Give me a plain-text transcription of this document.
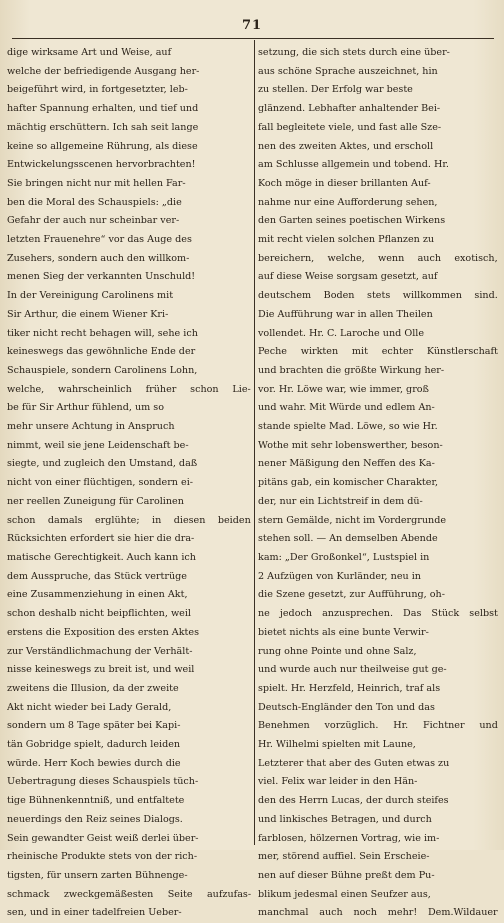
71
dige wirksame Art und Weise, auf
welche der befriedigende Ausgang her-
beigeführt wird, in fortgesetzter, leb-
hafter Spannung erhalten, und tief und
mächtig erschüttern. Ich sah seit lange
keine so allgemeine Rührung, als diese
Entwickelungsscenen hervorbrachten!
Sie bringen nicht nur mit hellen Far-
ben die Moral des Schauspiels: „die
Gefahr der auch nur scheinbar ver-
letzten Frauenehre“ vor das Auge des
Zusehers, sondern auch den willkom-
menen Sieg der verkannten Unschuld!
In der Vereinigung Carolinens mit
Sir Arthur, die einem Wiener Kri-
tiker nicht recht behagen will, sehe ich
keineswegs das gewöhnliche Ende der
Schauspiele, sondern Carolinens Lohn,
welche, wahrscheinlich früher schon Lie-
be für Sir Arthur fühlend, um so
mehr unsere Achtung in Anspruch
nimmt, weil sie jene Leidenschaft be-
siegte, und zugleich den Umstand, daß
nicht von einer flüchtigen, sondern ei-
ner reellen Zuneigung für Carolinen
schon damals erglühte; in diesen beiden
Rücksichten erfordert sie hier die dra-
matische Gerechtigkeit. Auch kann ich
dem Ausspruche, das Stück vertrüge
eine Zusammenziehung in einen Akt,
schon deshalb nicht beipflichten, weil
erstens die Exposition des ersten Aktes
zur Verständlichmachung der Verhält-
nisse keineswegs zu breit ist, und weil
zweitens die Illusion, da der zweite
Akt nicht wieder bei Lady Gerald,
sondern um 8 Tage später bei Kapi-
tän Gobridge spielt, dadurch leiden
würde. Herr Koch bewies durch die
Uebertragung dieses Schauspiels tüch-
tige Bühnenkenntniß, und entfaltete
neuerdings den Reiz seines Dialogs.
Sein gewandter Geist weiß derlei über-
rheinische Produkte stets von der rich-
tigsten, für unsern zarten Bühnenge-
schmack zweckgemäßesten Seite aufzufas-
sen, und in einer tadelfreien Ueber-
setzung, die sich stets durch eine über-
aus schöne Sprache auszeichnet, hin
zu stellen. Der Erfolg war beste
glänzend. Lebhafter anhaltender Bei-
fall begleitete viele, und fast alle Sze-
nen des zweiten Aktes, und erscholl
am Schlusse allgemein und tobend. Hr.
Koch möge in dieser brillanten Auf-
nahme nur eine Aufforderung sehen,
den Garten seines poetischen Wirkens
mit recht vielen solchen Pflanzen zu
bereichern, welche, wenn auch exotisch,
auf diese Weise sorgsam gesetzt, auf
deutschem Boden stets willkommen sind.
Die Aufführung war in allen Theilen
vollendet. Hr. C. Laroche und Olle
Peche wirkten mit echter Künstlerschaft
und brachten die größte Wirkung her-
vor. Hr. Löwe war, wie immer, groß
und wahr. Mit Würde und edlem An-
stande spielte Mad. Löwe, so wie Hr.
Wothe mit sehr lobenswerther, beson-
nener Mäßigung den Neffen des Ka-
pitäns gab, ein komischer Charakter,
der, nur ein Lichtstreif in dem dü-
stern Gemälde, nicht im Vordergrunde
stehen soll. — An demselben Abende
kam: „Der Großonkel“, Lustspiel in
2 Aufzügen von Kurländer, neu in
die Szene gesetzt, zur Aufführung, oh-
ne jedoch anzusprechen. Das Stück selbst
bietet nichts als eine bunte Verwir-
rung ohne Pointe und ohne Salz,
und wurde auch nur theilweise gut ge-
spielt. Hr. Herzfeld, Heinrich, traf als
Deutsch-Engländer den Ton und das
Benehmen vorzüglich. Hr. Fichtner und
Hr. Wilhelmi spielten mit Laune,
Letzterer that aber des Guten etwas zu
viel. Felix war leider in den Hän-
den des Herrn Lucas, der durch steifes
und linkisches Betragen, und durch
farblosen, hölzernen Vortrag, wie im-
mer, störend auffiel. Sein Erscheie-
nen auf dieser Bühne preßt dem Pu-
blikum jedesmal einen Seufzer aus,
manchmal auch noch mehr! Dem.Wildauer
